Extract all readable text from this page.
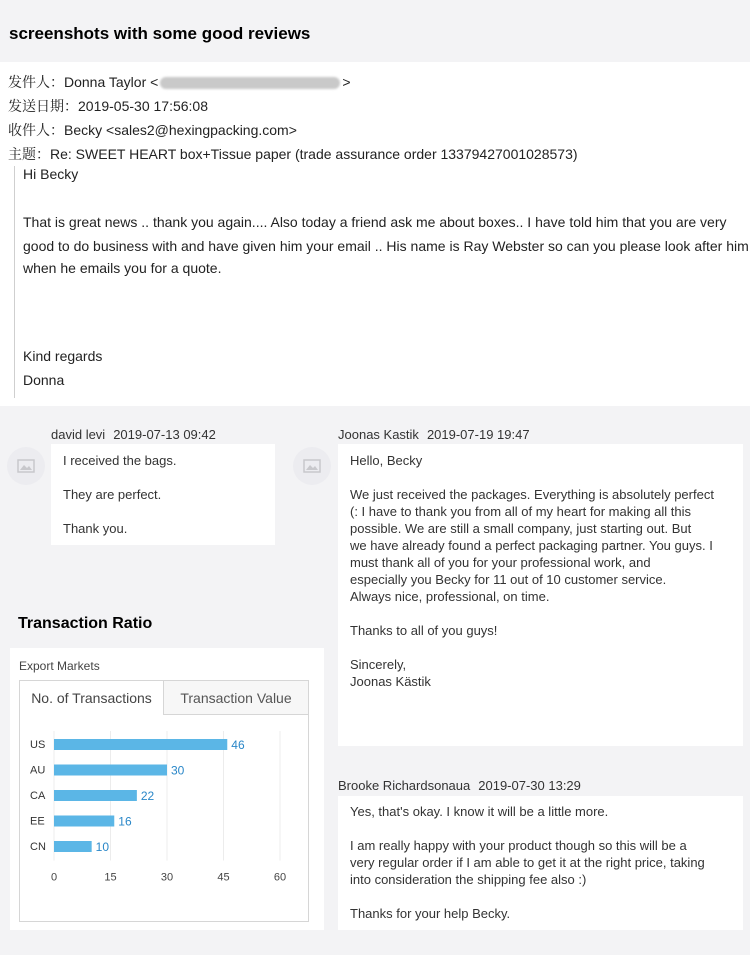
screenshots with some good reviews
发件人：Donna Taylor <	>
发送日期：2019-05-30 17:56:08
收件人：Becky <sales2@hexingpacking.com>
主题：Re: SWEET HEART box+Tissue paper (trade assurance order 133794270010285​73)
Hi Becky
That is great news .. thank you again.... Also today a friend ask me about boxes.. I have told him that you are very
good to do business with and have given him your email .. His name is Ray Webster so can you please look after him
when he emails you for a quote.
Kind regards
Donna
david levi 2019-07-13 09:42

I received the bags.

They are perfect.

Thank you.

Joonas Kastik 2019-07-19 19:47

Hello, Becky

We just received the packages. Everything is absolutely perfect

(: I have to thank you from all of my heart for making all this

possible. We are still a small company, just starting out. But

we have already found a perfect packaging partner. You guys. I

must thank all of you for your professional work, and

especially you Becky for 11 out of 10 customer service.

Always nice, professional, on time.

Thanks to all of you guys!

Sincerely,

Joonas Kästik

Brooke Richardsonaua 2019-07-30 13:29

Yes, that's okay. I know it will be a little more.

I am really happy with your product though so this will be a

very regular order if I am able to get it at the right price, taking

into consideration the shipping fee also :)

Thanks for your help Becky.

Transaction Ratio
Export Markets
No. of Transactions	Transaction Value
US	46
AU	30
CA	22
EE	16
CN	10
0	15	30	45	60
